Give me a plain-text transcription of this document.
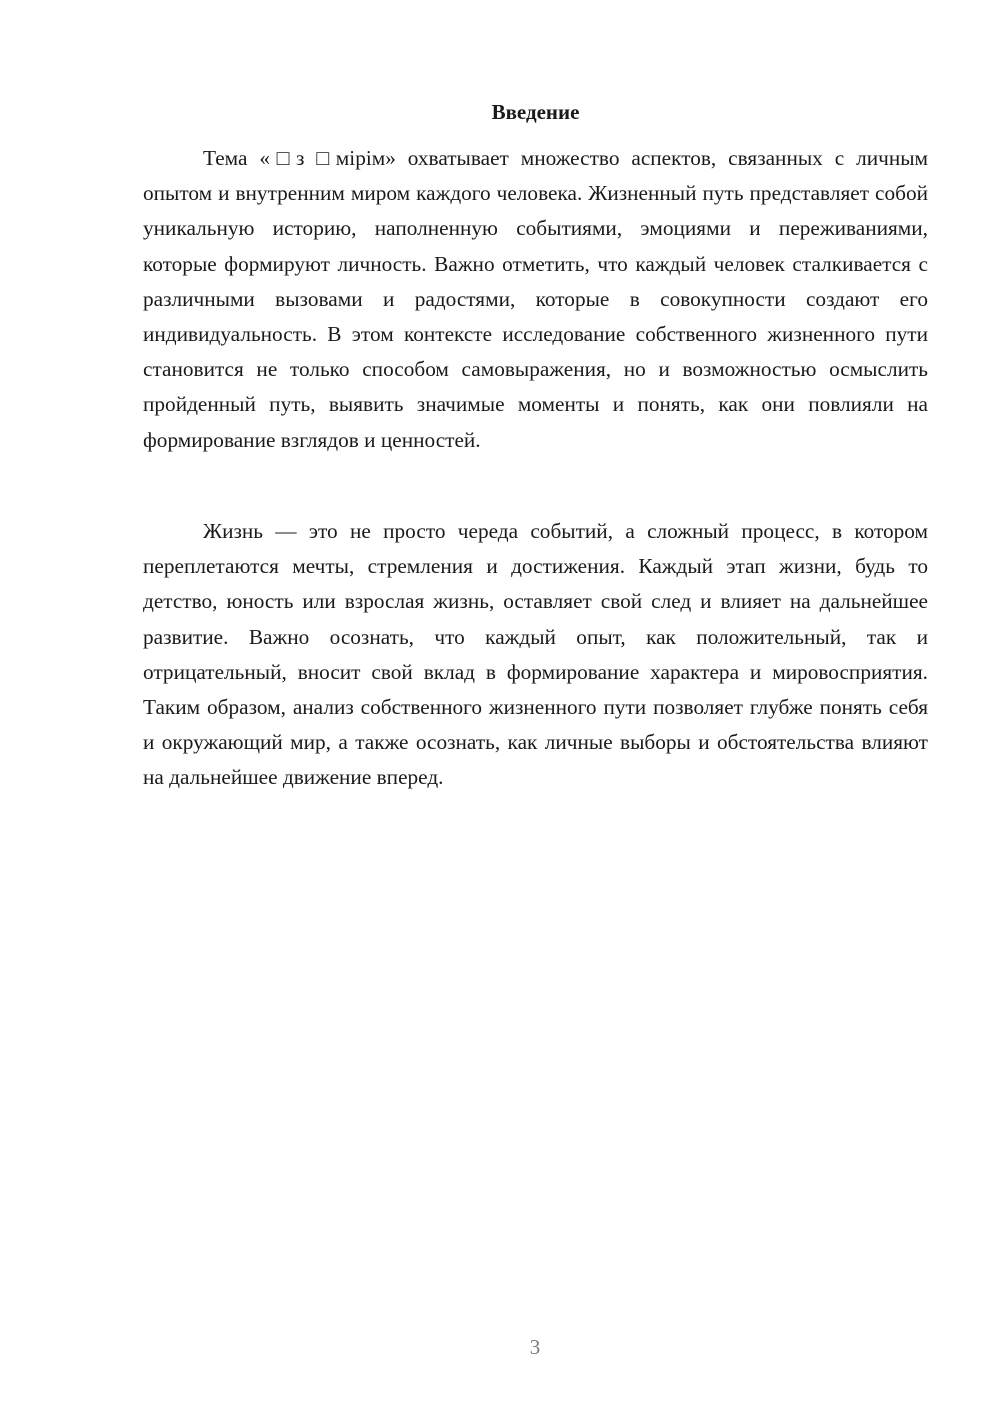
Введение

Тема «□з □мірім» охватывает множество аспектов, связанных с личным опытом и внутренним миром каждого человека. Жизненный путь представляет собой уникальную историю, наполненную событиями, эмоциями и переживаниями, которые формируют личность. Важно отметить, что каждый человек сталкивается с различными вызовами и радостями, которые в совокупности создают его индивидуальность. В этом контексте исследование собственного жизненного пути становится не только способом самовыражения, но и возможностью осмыслить пройденный путь, выявить значимые моменты и понять, как они повлияли на формирование взглядов и ценностей.

Жизнь — это не просто череда событий, а сложный процесс, в котором переплетаются мечты, стремления и достижения. Каждый этап жизни, будь то детство, юность или взрослая жизнь, оставляет свой след и влияет на дальнейшее развитие. Важно осознать, что каждый опыт, как положительный, так и отрицательный, вносит свой вклад в формирование характера и мировосприятия. Таким образом, анализ собственного жизненного пути позволяет глубже понять себя и окружающий мир, а также осознать, как личные выборы и обстоятельства влияют на дальнейшее движение вперед.

3
